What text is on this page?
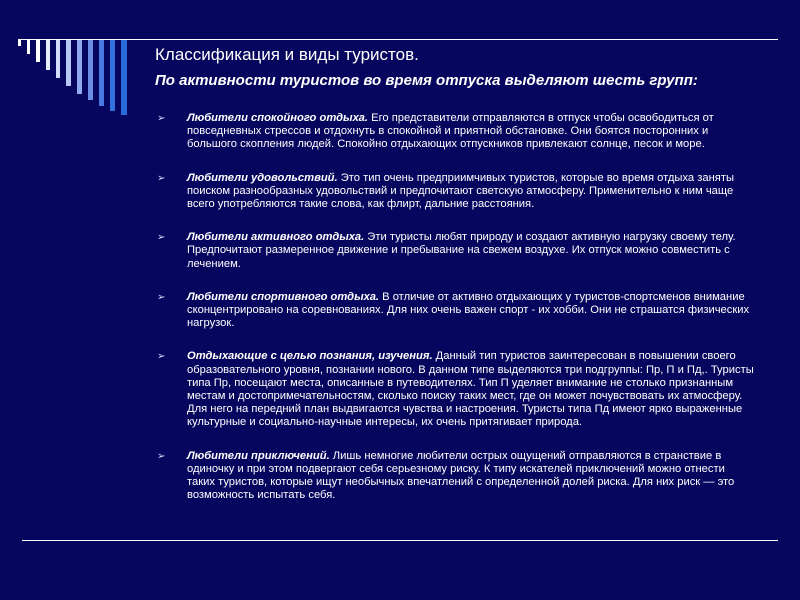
Классификация и виды туристов.
По активности туристов во время отпуска выделяют шесть групп:
➢ Любители спокойного отдыха. Его представители отправляются в отпуск чтобы освободиться от повседневных стрессов и отдохнуть в спокойной и приятной обстановке. Они боятся посторонних и большого скопления людей. Спокойно отдыхающих отпускников привлекают солнце, песок и море.
➢ Любители удовольствий. Это тип очень предприимчивых туристов, которые во время отдыха заняты поиском разнообразных удовольствий и предпочитают светскую атмосферу. Применительно к ним чаще всего употребляются такие слова, как флирт, дальние расстояния.
➢ Любители активного отдыха. Эти туристы любят природу и создают активную нагрузку своему телу. Предпочитают размеренное движение и пребывание на свежем воздухе. Их отпуск можно совместить с лечением.
➢ Любители спортивного отдыха. В отличие от активно отдыхающих у туристов-спортсменов внимание сконцентрировано на соревнованиях. Для них очень важен спорт - их хобби. Они не страшатся физических нагрузок.
➢ Отдыхающие с целью познания, изучения. Данный тип туристов заинтересован в повышении своего образовательного уровня, познании нового. В данном типе выделяются три подгруппы: Пр, П и Пд,. Туристы типа Пр, посещают места, описанные в путеводителях. Тип П уделяет внимание не столько признанным местам и достопримечательностям, сколько поиску таких мест, где он может почувствовать их атмосферу. Для него на передний план выдвигаются чувства и настроения. Туристы типа Пд имеют ярко выраженные культурные и социально-научные интересы, их очень притягивает природа.
➢ Любители приключений. Лишь немногие любители острых ощущений отправляются в странствие в одиночку и при этом подвергают себя серьезному риску. К типу искателей приключений можно отнести таких туристов, которые ищут необычных впечатлений с определенной долей риска. Для них риск — это возможность испытать себя.
